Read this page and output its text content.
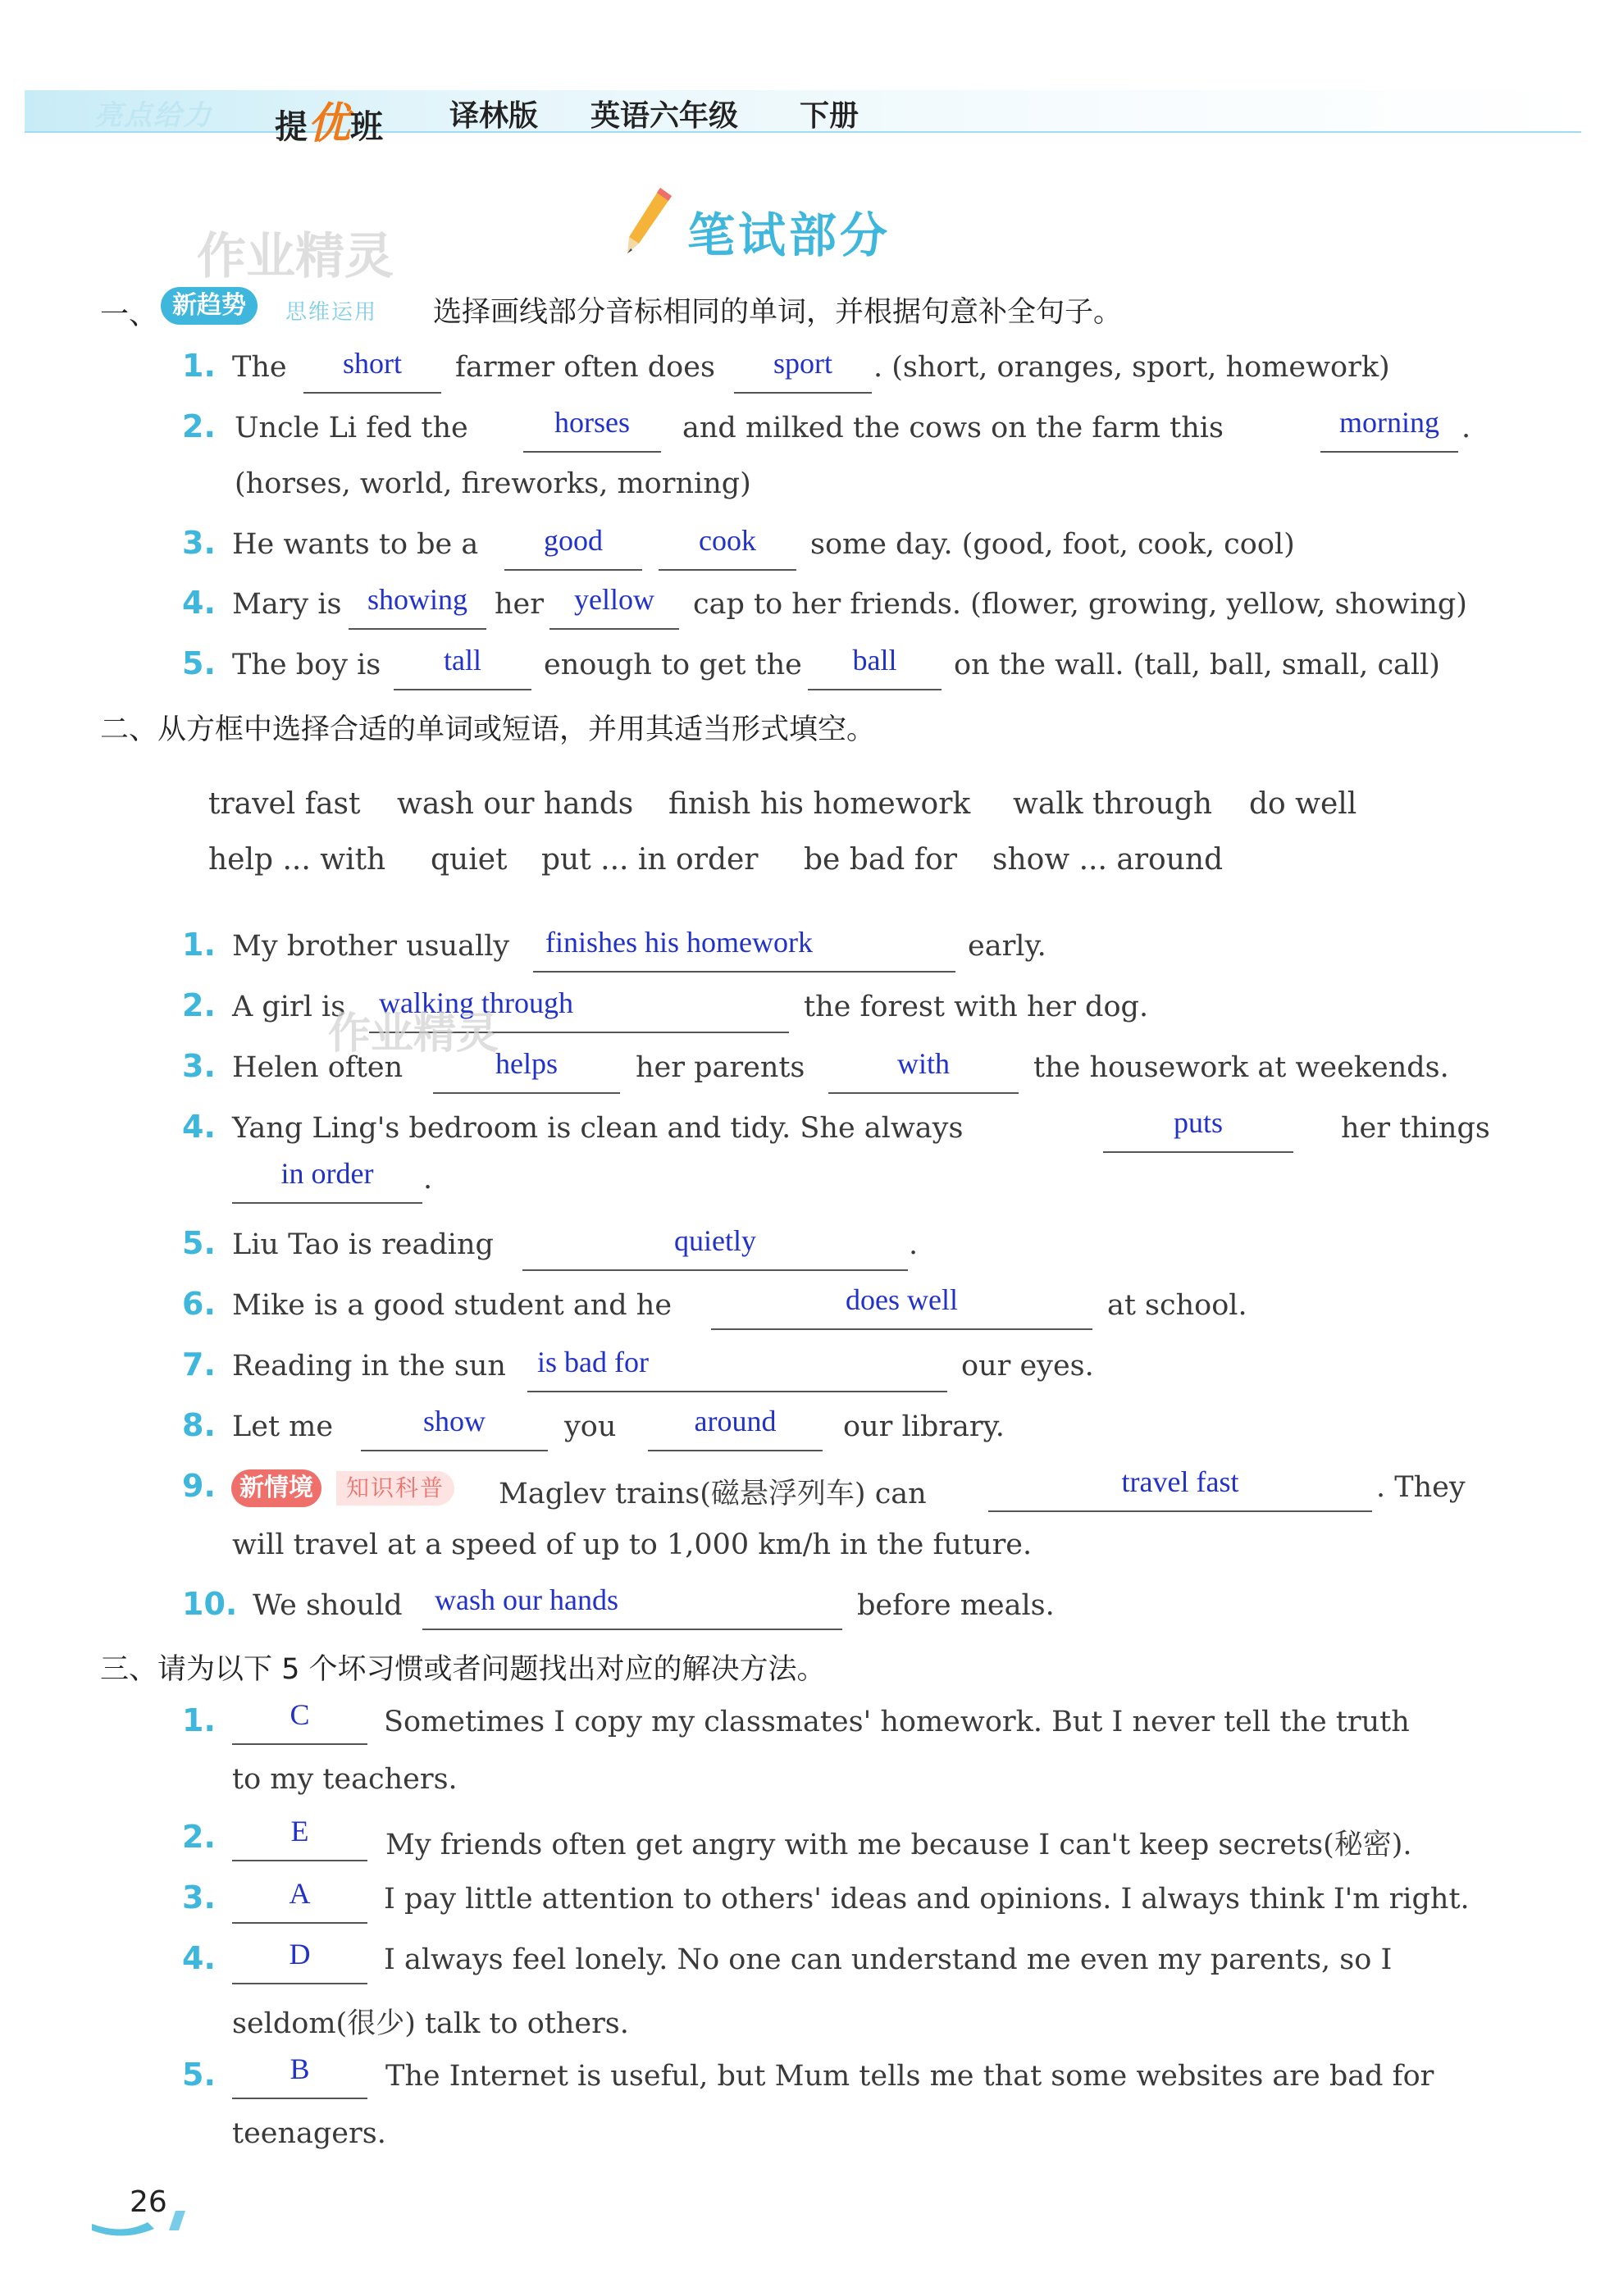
亮点给力 提优班 译林版 英语六年级 下册
笔试部分
作业精灵
一、 新趋势	思维运用 选择画线部分音标相同的单词，并根据句意补全句子。
1. The	short	farmer often does	sport	. (short, oranges, sport, homework)
2. Uncle Li fed the	horses	and milked the cows on the farm this	morning .
(horses, world, fireworks, morning)
3. He wants to be a	good	cook	some day. (good, foot, cook, cool)
4. Mary is showing her	yellow	cap to her friends. (flower, growing, yellow, showing)
5. The boy is	tall	enough to get the	ball	on the wall. (tall, ball, small, call)
二、从方框中选择合适的单词或短语，并用其适当形式填空。
travel fast wash our hands finish his homework walk through do well
help ... with quiet put ... in order be bad for show ... around
1. My brother usually finishes his homework	early.
2. A girl is walking through	the forest with her dog.
作业精灵
3. Helen often	helps	her parents	with	the housework at weekends.
4. Yang Ling's bedroom is clean and tidy. She always	puts	her things
in order	.
5. Liu Tao is reading	quietly	.
6. Mike is a good student and he	does well	at school.
7. Reading in the sun is bad for	our eyes.
8. Let me	show	you	around	our library.
9. 新情境	知识科普	Maglev trains(磁悬浮列车) can	travel fast	. They
will travel at a speed of up to 1,000 km/h in the future.
10. We should wash our hands	before meals.
三、请为以下 5 个坏习惯或者问题找出对应的解决方法。
1.	C	Sometimes I copy my classmates' homework. But I never tell the truth
to my teachers.
2.	E	My friends often get angry with me because I can't keep secrets(秘密).
3.	A	I pay little attention to others' ideas and opinions. I always think I'm right.
4.	D	I always feel lonely. No one can understand me even my parents, so I
seldom(很少) talk to others.
5.	B	The Internet is useful, but Mum tells me that some websites are bad for
teenagers.
26
